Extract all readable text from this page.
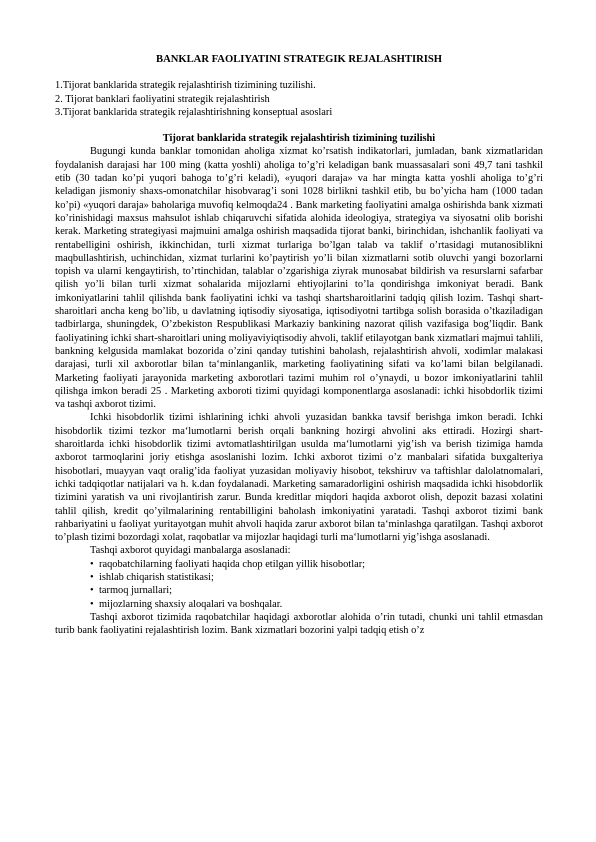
BANKLAR FAOLIYATINI STRATEGIK REJALASHTIRISH
1.Tijorat banklarida strategik rejalashtirish tizimining tuzilishi.
2. Tijorat banklari faoliyatini strategik rejalashtirish
3.Tijorat banklarida strategik rejalashtirishning konseptual asoslari
Tijorat banklarida strategik rejalashtirish tizimining tuzilishi

Bugungi kunda banklar tomonidan aholiga xizmat ko’rsatish indikatorlari, jumladan, bank xizmatlaridan foydalanish darajasi har 100 ming (katta yoshli) aholiga to’g’ri keladigan bank muassasalari soni 49,7 tani tashkil etib (30 tadan ko’pi yuqori bahoga to’g’ri keladi), «yuqori daraja» va har mingta katta yoshli aholiga to’g’ri keladigan jismoniy shaxs-omonatchilar hisobvarag’i soni 1028 birlikni tashkil etib, bu bo’yicha ham (1000 tadan ko’pi) «yuqori daraja» baholariga muvofiq kelmoqda24 . Bank marketing faoliyatini amalga oshirishda bank xizmati ko’rinishidagi maxsus mahsulot ishlab chiqaruvchi sifatida alohida ideologiya, strategiya va siyosatni olib borishi kerak. Marketing strategiyasi majmuini amalga oshirish maqsadida tijorat banki, birinchidan, ishchanlik faoliyati va rentabelligini oshirish, ikkinchidan, turli xizmat turlariga bo’lgan talab va taklif o’rtasidagi mutanosiblikni maqbullashtirish, uchinchidan, xizmat turlarini ko’paytirish yo’li bilan xizmatlarni sotib oluvchi yangi bozorlarni topish va ularni kengaytirish, to’rtinchidan, talablar o’zgarishiga ziyrak munosabat bildirish va resurslarni safarbar qilish yo’li bilan turli xizmat sohalarida mijozlarni ehtiyojlarini to’la qondirishga imkoniyat beradi. Bank imkoniyatlarini tahlil qilishda bank faoliyatini ichki va tashqi shartsharoitlarini tadqiq qilish lozim. Tashqi shart-sharoitlari ancha keng bo’lib, u davlatning iqtisodiy siyosatiga, iqtisodiyotni tartibga solish borasida o’tkaziladigan tadbirlarga, shuningdek, O’zbekiston Respublikasi Markaziy bankining nazorat qilish vazifasiga bog’liqdir. Bank faoliyatining ichki shart-sharoitlari uning moliyaviyiqtisodiy ahvoli, taklif etilayotgan bank xizmatlari majmui tahlili, bankning kelgusida mamlakat bozorida o’zini qanday tutishini baholash, rejalashtirish ahvoli, xodimlar malakasi darajasi, turli xil axborotlar bilan ta‘minlanganlik, marketing faoliyatining sifati va ko’lami bilan belgilanadi. Marketing faoliyati jarayonida marketing axborotlari tazimi muhim rol o’ynaydi, u bozor imkoniyatlarini tahlil qilishga imkon beradi 25 . Marketing axboroti tizimi quyidagi komponentlarga asoslanadi: ichki hisobdorlik tizimi va tashqi axborot tizimi.

Ichki hisobdorlik tizimi ishlarining ichki ahvoli yuzasidan bankka tavsif berishga imkon beradi. Ichki hisobdorlik tizimi tezkor ma‘lumotlarni berish orqali bankning hozirgi ahvolini aks ettiradi. Hozirgi shart-sharoitlarda ichki hisobdorlik tizimi avtomatlashtirilgan usulda ma‘lumotlarni yig’ish va berish tizimiga hamda axborot tarmoqlarini joriy etishga asoslanishi lozim. Ichki axborot tizimi o’z manbalari sifatida buxgalteriya hisobotlari, muayyan vaqt oralig’ida faoliyat yuzasidan moliyaviy hisobot, tekshiruv va taftishlar dalolatnomalari, ichki tadqiqotlar natijalari va h. k.dan foydalanadi. Marketing samaradorligini oshirish maqsadida ichki hisobdorlik tizimini yaratish va uni rivojlantirish zarur. Bunda kreditlar miqdori haqida axborot olish, depozit bazasi xolatini tahlil qilish, kredit qo’yilmalarining rentabilligini baholash imkoniyatini yaratadi. Tashqi axborot tizimi bank rahbariyatini u faoliyat yuritayotgan muhit ahvoli haqida zarur axborot bilan ta‘minlashga qaratilgan. Tashqi axborot to’plash tizimi bozordagi xolat, raqobatlar va mijozlar haqidagi turli ma‘lumotlarni yig’ishga asoslanadi.

Tashqi axborot quyidagi manbalarga asoslanadi:
• raqobatchilarning faoliyati haqida chop etilgan yillik hisobotlar;
• ishlab chiqarish statistikasi;
• tarmoq jurnallari;
• mijozlarning shaxsiy aloqalari va boshqalar.

Tashqi axborot tizimida raqobatchilar haqidagi axborotlar alohida o’rin tutadi, chunki uni tahlil etmasdan turib bank faoliyatini rejalashtirish lozim. Bank xizmatlari bozorini yalpi tadqiq etish o’z
